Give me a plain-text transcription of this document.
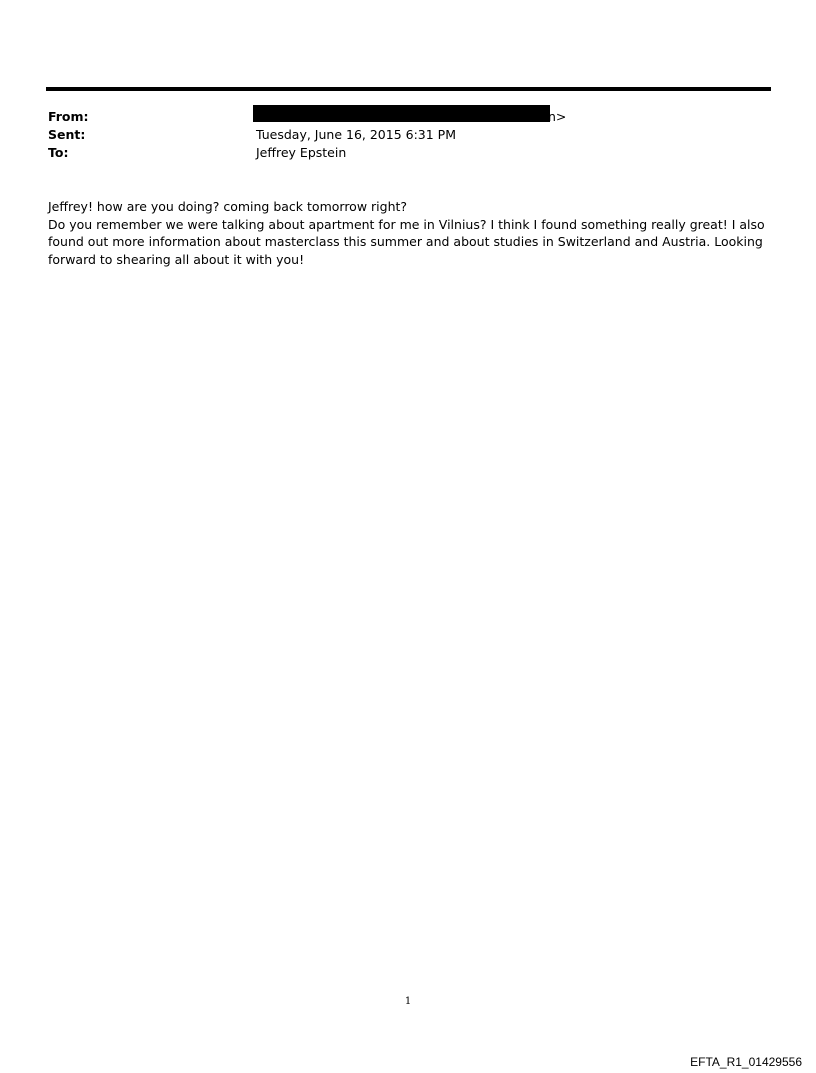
From:	n>
Sent:	Tuesday, June 16, 2015 6:31 PM
To:	Jeffrey Epstein

Jeffrey! how are you doing? coming back tomorrow right?

Do you remember we were talking about apartment for me in Vilnius? I think I found something really great! I also found out more information about masterclass this summer and about studies in Switzerland and Austria. Looking forward to shearing all about it with you!

1
EFTA_R1_01429556
